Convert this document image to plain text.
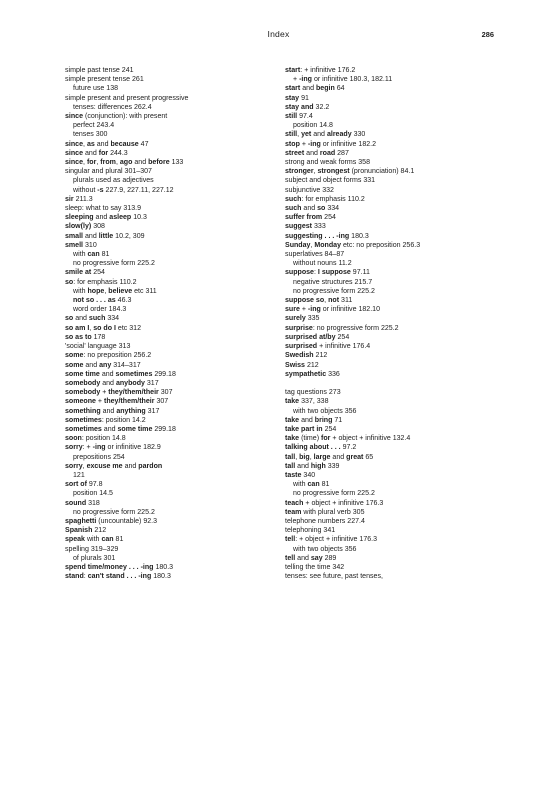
Index	286
simple past tense 241
simple present tense 261
future use 138
simple present and present progressive
tenses: differences 262.4
since (conjunction): with present
perfect 243.4
tenses 300
since, as and because 47
since and for 244.3
since, for, from, ago and before 133
singular and plural 301–307
plurals used as adjectives
without -s 227.9, 227.11, 227.12
sir 211.3
sleep: what to say 313.9
sleeping and asleep 10.3
slow(ly) 308
small and little 10.2, 309
smell 310
with can 81
no progressive form 225.2
smile at 254
so: for emphasis 110.2
with hope, believe etc 311
not so . . . as 46.3
word order 184.3
so and such 334
so am I, so do I etc 312
so as to 178
'social' language 313
some: no preposition 256.2
some and any 314–317
some time and sometimes 299.18
somebody and anybody 317
somebody + they/them/their 307
someone + they/them/their 307
something and anything 317
sometimes: position 14.2
sometimes and some time 299.18
soon: position 14.8
sorry: + -ing or infinitive 182.9
prepositions 254
sorry, excuse me and pardon
121
sort of 97.8
position 14.5
sound 318
no progressive form 225.2
spaghetti (uncountable) 92.3
Spanish 212
speak with can 81
spelling 319–329
of plurals 301
spend time/money . . . -ing 180.3
stand: can't stand . . . -ing 180.3
start: + infinitive 176.2
+ -ing or infinitive 180.3, 182.11
start and begin 64
stay 91
stay and 32.2
still 97.4
position 14.8
still, yet and already 330
stop + -ing or infinitive 182.2
street and road 287
strong and weak forms 358
stronger, strongest (pronunciation) 84.1
subject and object forms 331
subjunctive 332
such: for emphasis 110.2
such and so 334
suffer from 254
suggest 333
suggesting . . . -ing 180.3
Sunday, Monday etc: no preposition 256.3
superlatives 84–87
without nouns 11.2
suppose: I suppose 97.11
negative structures 215.7
no progressive form 225.2
suppose so, not 311
sure + -ing or infinitive 182.10
surely 335
surprise: no progressive form 225.2
surprised at/by 254
surprised + infinitive 176.4
Swedish 212
Swiss 212
sympathetic 336
tag questions 273
take 337, 338
with two objects 356
take and bring 71
take part in 254
take (time) for + object + infinitive 132.4
talking about . . . 97.2
tall, big, large and great 65
tall and high 339
taste 340
with can 81
no progressive form 225.2
teach + object + infinitive 176.3
team with plural verb 305
telephone numbers 227.4
telephoning 341
tell: + object + infinitive 176.3
with two objects 356
tell and say 289
telling the time 342
tenses: see future, past tenses,
